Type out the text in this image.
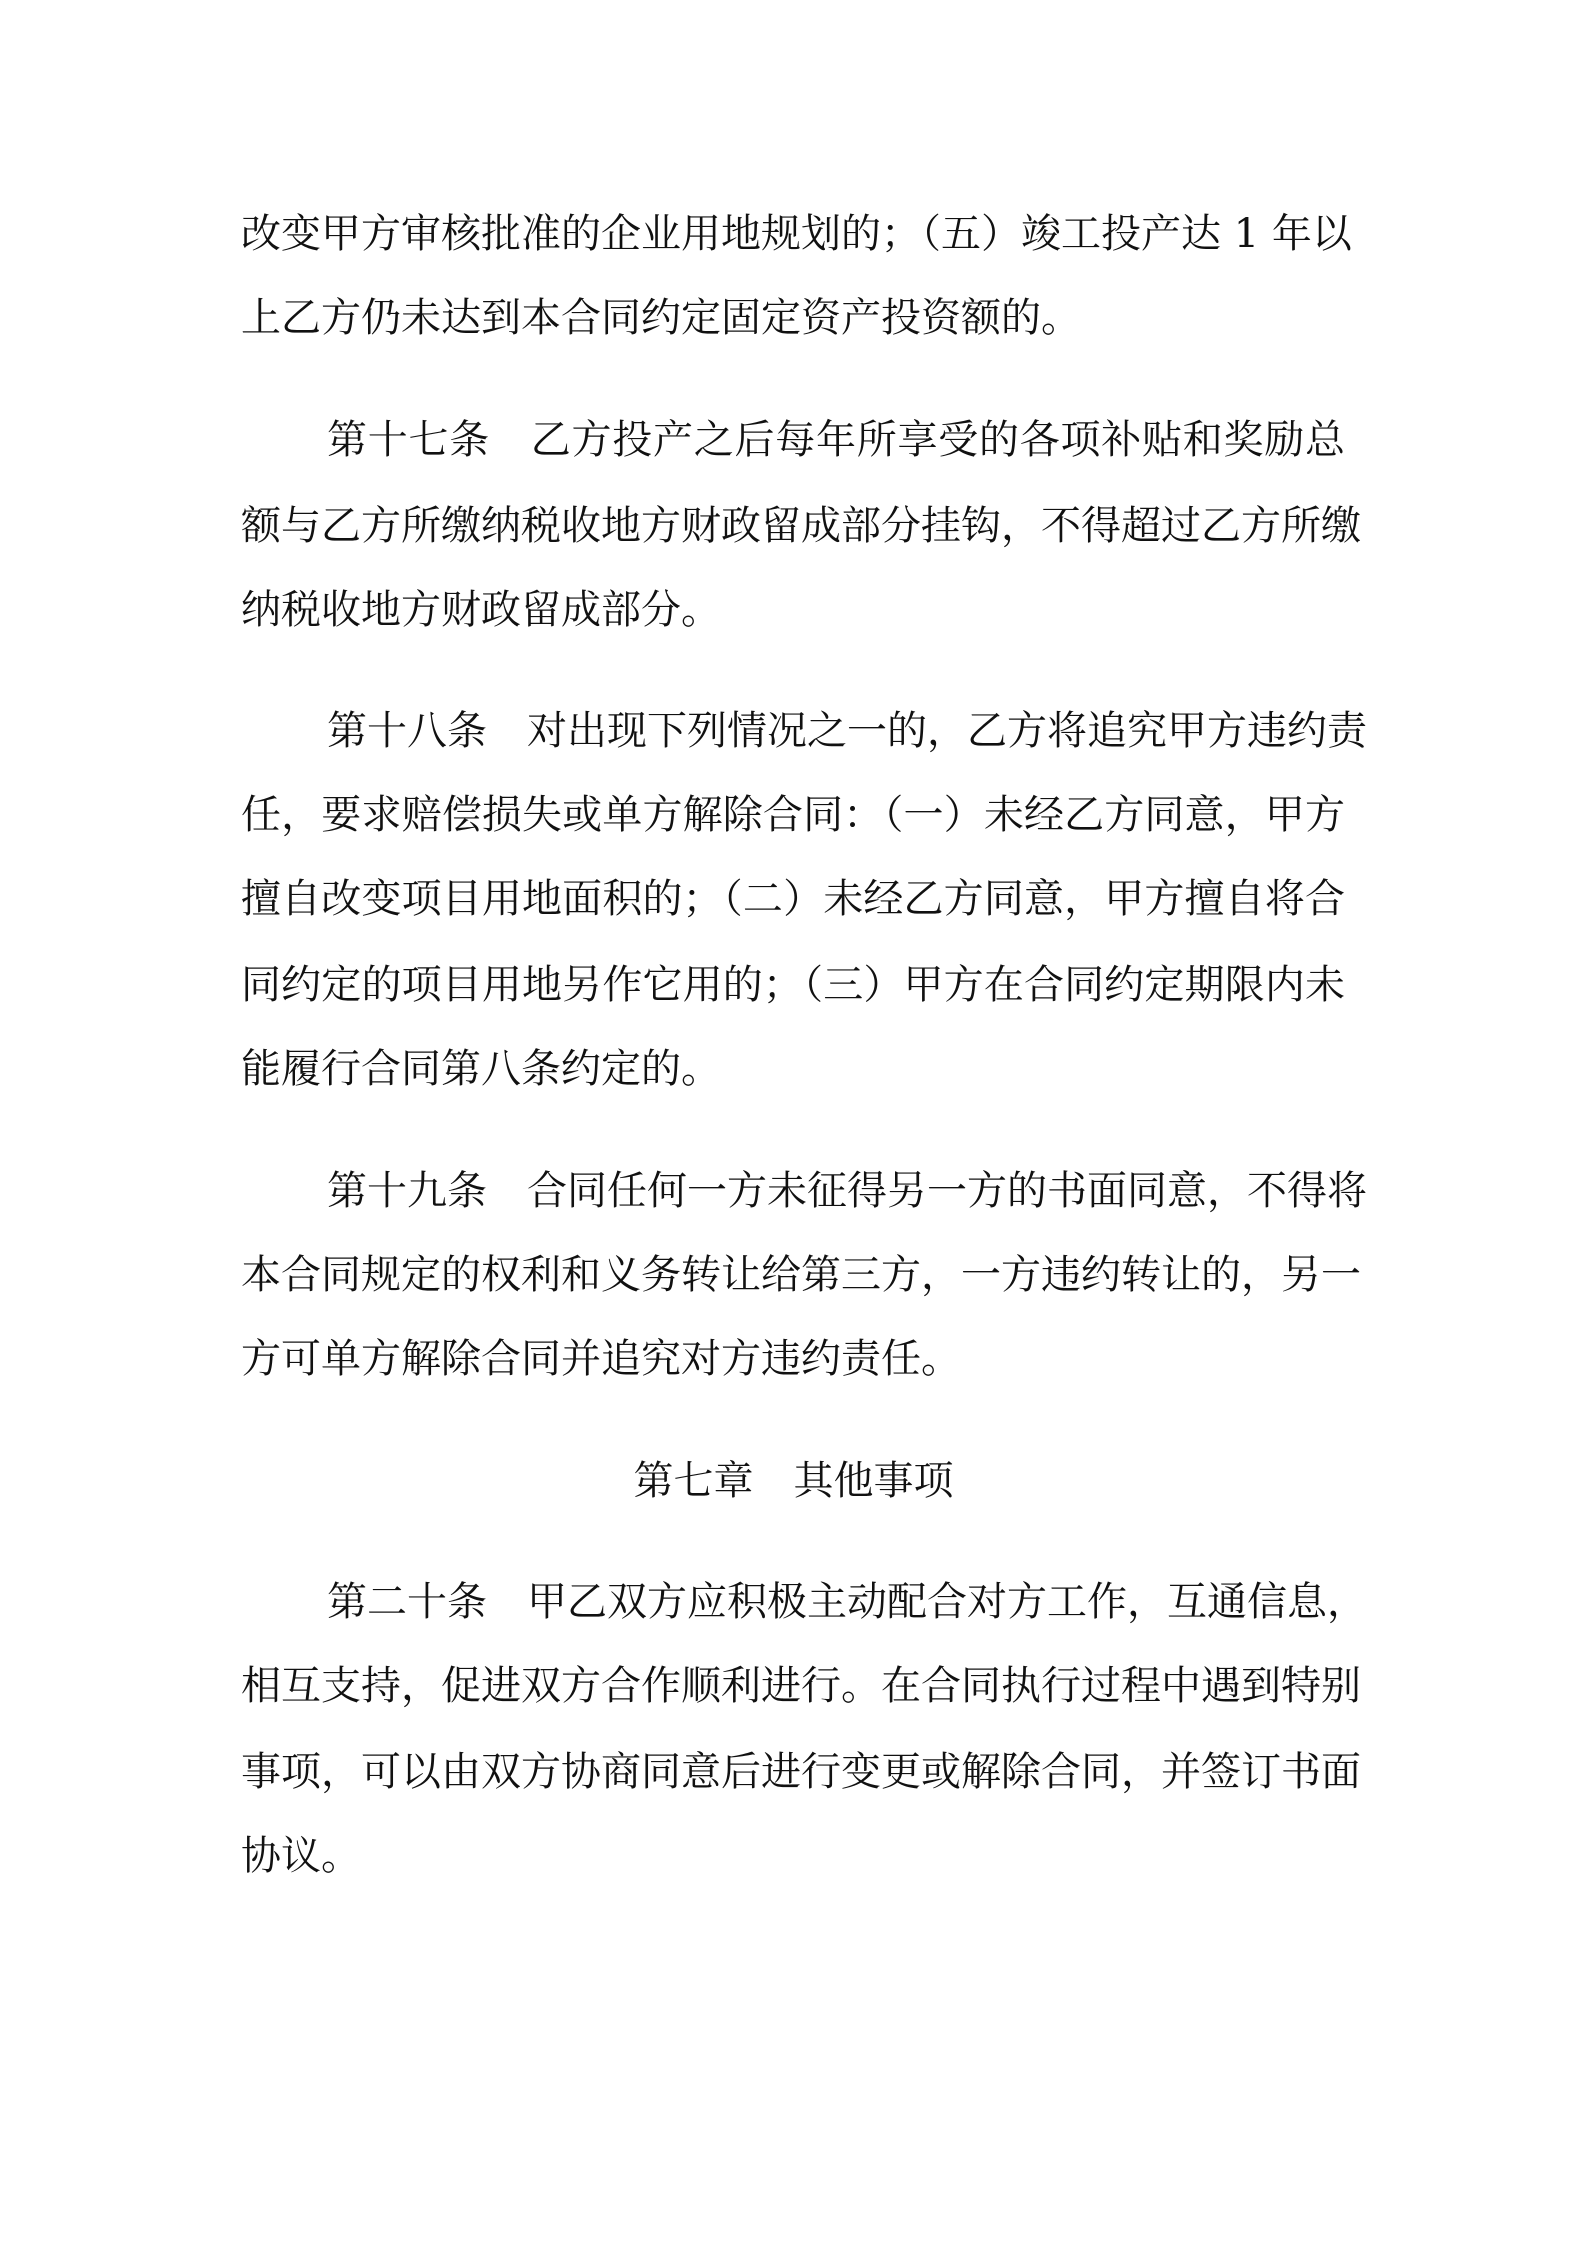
改变甲方审核批准的企业用地规划的；（五）竣工投产达 1 年以

上乙方仍未达到本合同约定固定资产投资额的。

第十七条 乙方投产之后每年所享受的各项补贴和奖励总

额与乙方所缴纳税收地方财政留成部分挂钩，不得超过乙方所缴

纳税收地方财政留成部分。

第十八条 对出现下列情况之一的，乙方将追究甲方违约责

任，要求赔偿损失或单方解除合同：（一）未经乙方同意，甲方

擅自改变项目用地面积的；（二）未经乙方同意，甲方擅自将合

同约定的项目用地另作它用的；（三）甲方在合同约定期限内未

能履行合同第八条约定的。

第十九条 合同任何一方未征得另一方的书面同意，不得将

本合同规定的权利和义务转让给第三方，一方违约转让的，另一

方可单方解除合同并追究对方违约责任。

第七章 其他事项

第二十条 甲乙双方应积极主动配合对方工作，互通信息，

相互支持，促进双方合作顺利进行。在合同执行过程中遇到特别

事项，可以由双方协商同意后进行变更或解除合同，并签订书面

协议。
